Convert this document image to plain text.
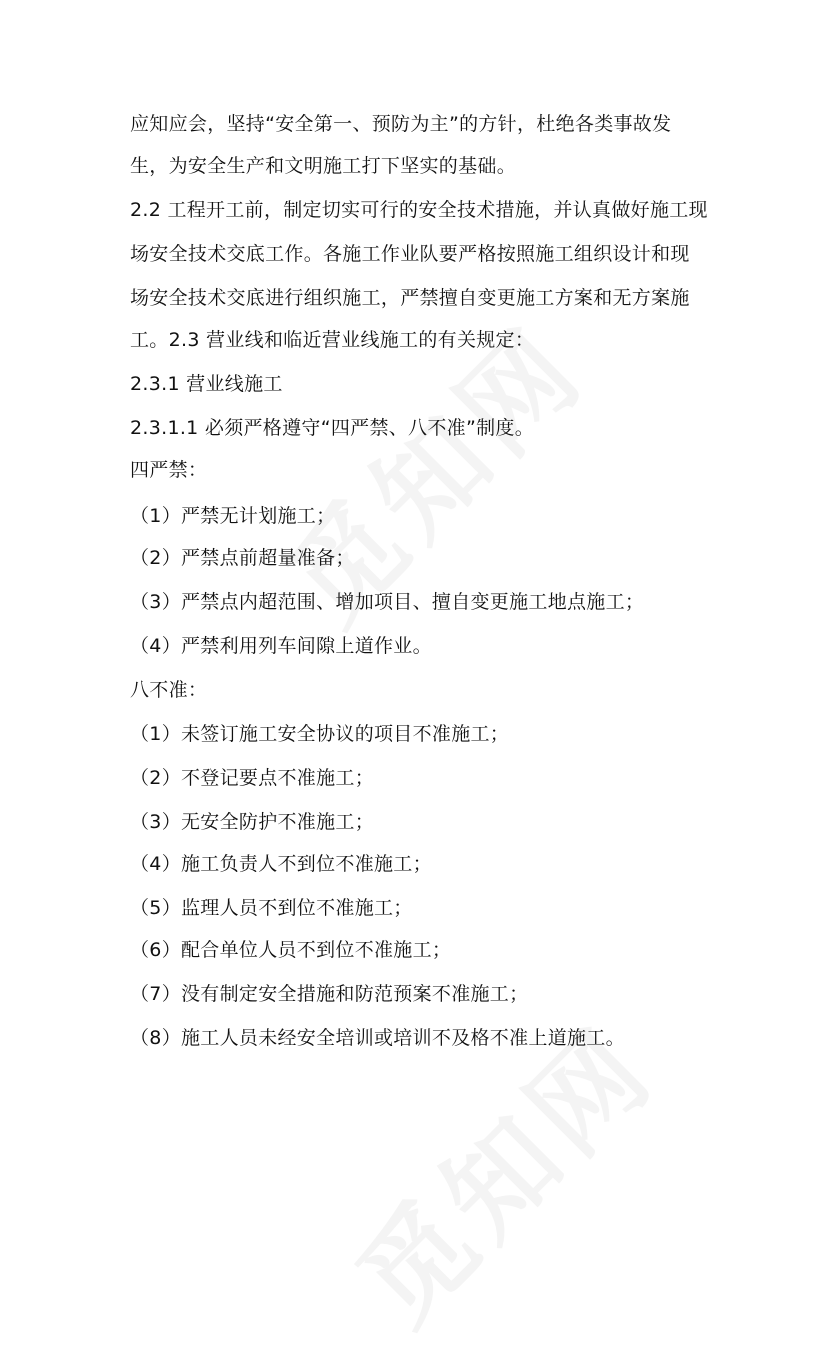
应知应会，坚持“安全第一、预防为主”的方针，杜绝各类事故发
生，为安全生产和文明施工打下坚实的基础。
2.2 工程开工前，制定切实可行的安全技术措施，并认真做好施工现
场安全技术交底工作。各施工作业队要严格按照施工组织设计和现
场安全技术交底进行组织施工，严禁擅自变更施工方案和无方案施
工。2.3 营业线和临近营业线施工的有关规定：
2.3.1 营业线施工
2.3.1.1 必须严格遵守“四严禁、八不准”制度。
四严禁：
（1）严禁无计划施工；
（2）严禁点前超量准备；
（3）严禁点内超范围、增加项目、擅自变更施工地点施工；
（4）严禁利用列车间隙上道作业。
八不准：
（1）未签订施工安全协议的项目不准施工；
（2）不登记要点不准施工；
（3）无安全防护不准施工；
（4）施工负责人不到位不准施工；
（5）监理人员不到位不准施工；
（6）配合单位人员不到位不准施工；
（7）没有制定安全措施和防范预案不准施工；
（8）施工人员未经安全培训或培训不及格不准上道施工。
